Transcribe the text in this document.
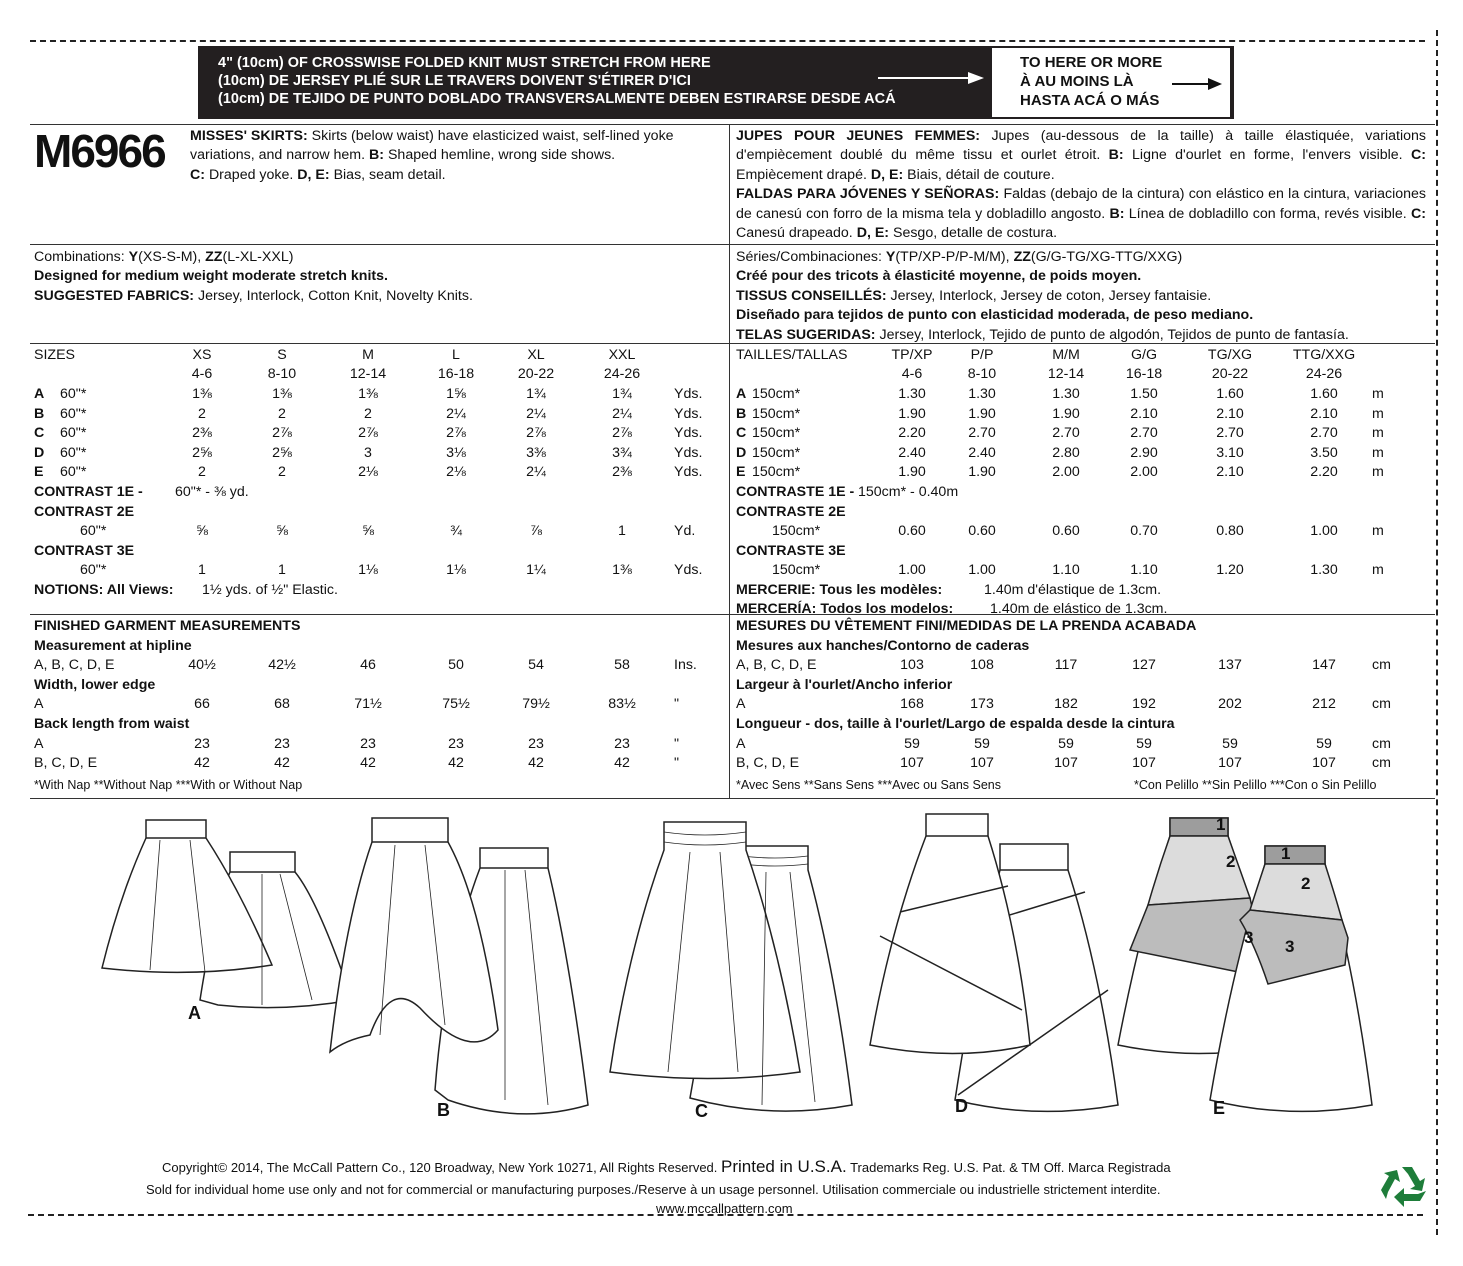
4" (10cm) OF CROSSWISE FOLDED KNIT MUST STRETCH FROM HERE
(10cm) DE JERSEY PLIÉ SUR LE TRAVERS DOIVENT S'ÉTIRER D'ICI
(10cm) DE TEJIDO DE PUNTO DOBLADO TRANSVERSALMENTE DEBEN ESTIRARSE DESDE ACÁ
TO HERE OR MORE
À AU MOINS LÀ
HASTA ACÁ O MÁS
M6966 MISSES' SKIRTS: Skirts (below waist) have elasticized waist, self-lined yoke variations, and narrow hem. B: Shaped hemline, wrong side shows.
C: Draped yoke. D, E: Bias, seam detail.
JUPES POUR JEUNES FEMMES: Jupes (au-dessous de la taille) à taille élastiquée, variations d'empiècement doublé du même tissu et ourlet étroit. B: Ligne d'ourlet en forme, l'envers visible. C: Empiècement drapé. D, E: Biais, détail de couture.
FALDAS PARA JÓVENES Y SEÑORAS: Faldas (debajo de la cintura) con elástico en la cintura, variaciones de canesú con forro de la misma tela y dobladillo angosto. B: Línea de dobladillo con forma, revés visible. C: Canesú drapeado. D, E: Sesgo, detalle de costura.
Combinations: Y(XS-S-M), ZZ(L-XL-XXL)
Designed for medium weight moderate stretch knits.
SUGGESTED FABRICS: Jersey, Interlock, Cotton Knit, Novelty Knits.
Séries/Combinaciones: Y(TP/XP-P/P-M/M), ZZ(G/G-TG/XG-TTG/XXG)
Créé pour des tricots à élasticité moyenne, de poids moyen.
TISSUS CONSEILLÉS: Jersey, Interlock, Jersey de coton, Jersey fantaisie.
Diseñado para tejidos de punto con elasticidad moderada, de peso mediano.
TELAS SUGERIDAS: Jersey, Interlock, Tejido de punto de algodón, Tejidos de punto de fantasía.
SIZES	XS	S	M	L	XL	XXL
4-6	8-10	12-14	16-18	20-22	24-26
A 60"*	1⅜	1⅜	1⅜	1⅝	1¾	1¾	Yds.
B 60"*	2	2	2	2¼	2¼	2¼	Yds.
C 60"*	2⅜	2⅞	2⅞	2⅞	2⅞	2⅞	Yds.
D 60"*	2⅝	2⅝	3	3⅛	3⅜	3¾	Yds.
E 60"*	2	2	2⅛	2⅛	2¼	2⅜	Yds.
CONTRAST 1E - 60"* - ⅜ yd.
CONTRAST 2E
60"*	⅝	⅝	⅝	¾	⅞	1	Yd.
CONTRAST 3E
60"*	1	1	1⅛	1⅛	1¼	1⅜	Yds.
NOTIONS: All Views: 1½ yds. of ½" Elastic.
FINISHED GARMENT MEASUREMENTS
Measurement at hipline
A, B, C, D, E	40½	42½	46	50	54	58	Ins.
Width, lower edge
A	66	68	71½	75½	79½	83½	"
Back length from waist
A	23	23	23	23	23	23	"
B, C, D, E	42	42	42	42	42	42	"
*With Nap **Without Nap ***With or Without Nap
TAILLES/TALLAS	TP/XP	P/P	M/M	G/G	TG/XG	TTG/XXG
4-6	8-10	12-14	16-18	20-22	24-26
A 150cm*	1.30	1.30	1.30	1.50	1.60	1.60 m
B 150cm*	1.90	1.90	1.90	2.10	2.10	2.10 m
C 150cm*	2.20	2.70	2.70	2.70	2.70	2.70 m
D 150cm*	2.40	2.40	2.80	2.90	3.10	3.50 m
E 150cm*	1.90	1.90	2.00	2.00	2.10	2.20 m
CONTRASTE 1E - 150cm* - 0.40m
CONTRASTE 2E
150cm*	0.60	0.60	0.60	0.70	0.80	1.00 m
CONTRASTE 3E
150cm*	1.00	1.00	1.10	1.10	1.20	1.30 m
MERCERIE: Tous les modèles:	1.40m d'élastique de 1.3cm.
MERCERÍA: Todos los modelos:	1.40m de elástico de 1.3cm.
MESURES DU VÊTEMENT FINI/MEDIDAS DE LA PRENDA ACABADA
Mesures aux hanches/Contorno de caderas
A, B, C, D, E	103	108	117	127	137	147	cm
Largeur à l'ourlet/Ancho inferior
A	168	173	182	192	202	212	cm
Longueur - dos, taille à l'ourlet/Largo de espalda desde la cintura
A	59	59	59	59	59	59	cm
B, C, D, E	107	107	107	107	107	107	cm
*Avec Sens **Sans Sens ***Avec ou Sans Sens	*Con Pelillo **Sin Pelillo ***Con o Sin Pelillo
A
B	C	D	E
1
2
3
1
2
3
Copyright© 2014, The McCall Pattern Co., 120 Broadway, New York 10271, All Rights Reserved. Printed in U.S.A. Trademarks Reg. U.S. Pat. & TM Off. Marca Registrada
Sold for individual home use only and not for commercial or manufacturing purposes./Reserve à un usage personnel. Utilisation commerciale ou industrielle strictement interdite.
www.mccallpattern.com
